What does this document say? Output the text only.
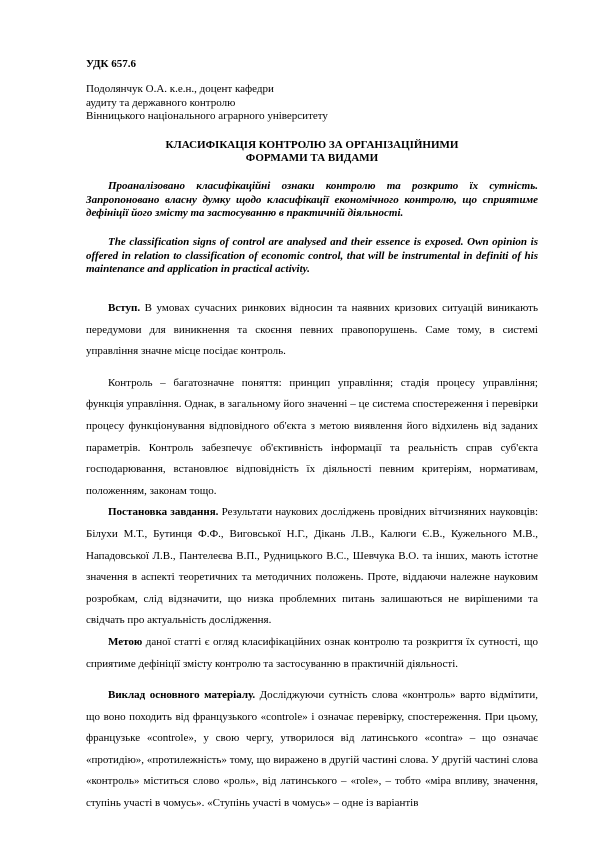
УДК 657.6
Подолянчук О.А. к.е.н., доцент кафедри
аудиту та державного контролю
Вінницького національного аграрного університету
КЛАСИФІКАЦІЯ КОНТРОЛЮ ЗА ОРГАНІЗАЦІЙНИМИ
ФОРМАМИ ТА ВИДАМИ
Проаналізовано класифікаційні ознаки контролю та розкрито їх сутність. Запропоновано власну думку щодо класифікації економічного контролю, що сприятиме дефініції його змісту та застосуванню в практичній діяльності.
The classification signs of control are analysed and their essence is exposed. Own opinion is offered in relation to classification of economic control, that will be instrumental in definiti of his maintenance and application in practical activity.

Вступ. В умовах сучасних ринкових відносин та наявних кризових ситуацій виникають передумови для виникнення та скоєння певних правопорушень. Саме тому, в системі управління значне місце посідає контроль.

Контроль – багатозначне поняття: принцип управління; стадія процесу управління; функція управління. Однак, в загальному його значенні – це система спостереження і перевірки процесу функціонування відповідного об'єкта з метою виявлення його відхилень від заданих параметрів. Контроль забезпечує об'єктивність інформації та реальність справ суб'єкта господарювання, встановлює відповідність їх діяльності певним критеріям, нормативам, положенням, законам тощо.

Постановка завдання. Результати наукових досліджень провідних вітчизняних науковців: Білухи М.Т., Бутинця Ф.Ф., Виговської Н.Г., Дікань Л.В., Калюги Є.В., Кужельного М.В., Нападовської Л.В., Пантелеєва В.П., Рудницького В.С., Шевчука В.О. та інших, мають істотне значення в аспекті теоретичних та методичних положень. Проте, віддаючи належне науковим розробкам, слід відзначити, що низка проблемних питань залишаються не вирішеними та свідчать про актуальність дослідження.

Метою даної статті є огляд класифікаційних ознак контролю та розкриття їх сутності, що сприятиме дефініції змісту контролю та застосуванню в практичній діяльності.

Виклад основного матеріалу. Досліджуючи сутність слова «контроль» варто відмітити, що воно походить від французького «controle» і означає перевірку, спостереження. При цьому, французьке «controle», у свою чергу, утворилося від латинського «contra» – що означає «протидію», «протилежність» тому, що виражено в другій частині слова. У другій частині слова «контроль» міститься слово «роль», від латинського – «role», – тобто «міра впливу, значення, ступінь участі в чомусь». «Ступінь участі в чомусь» – одне із варіантів
